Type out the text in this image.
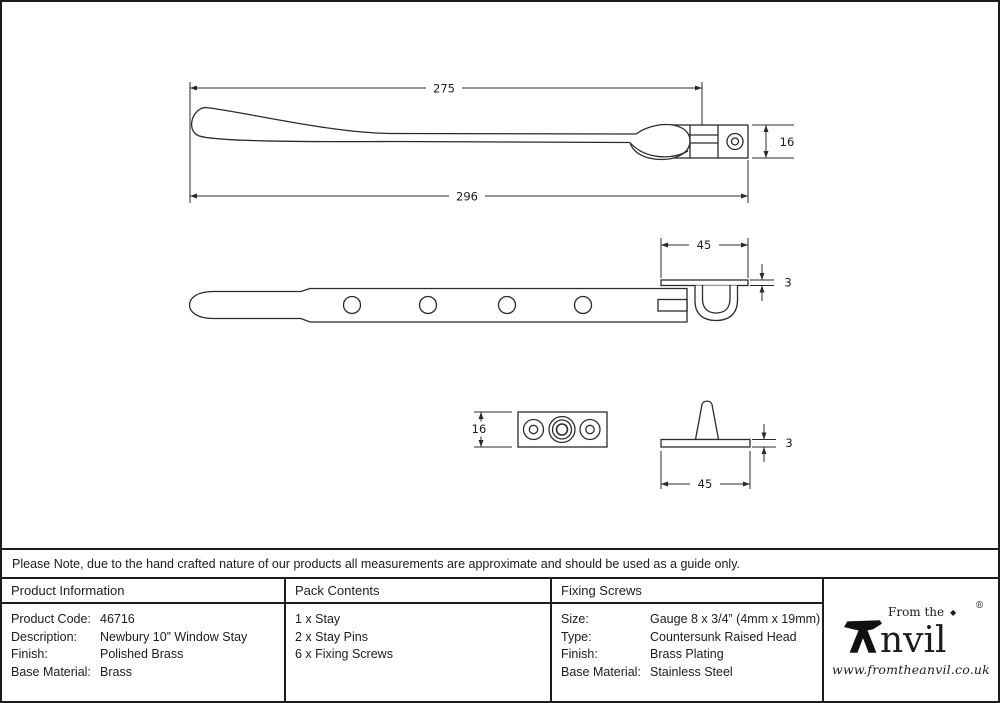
275
296
16
45
3
16
3
45
Please Note, due to the hand crafted nature of our products all measurements are approximate and should be used as a guide only.
Product Information
Product Code: 46716
Description:	Newbury 10” Window Stay
Finish:	Polished Brass
Base Material: Brass
Pack Contents
1 x Stay
2 x Stay Pins
6 x Fixing Screws
Fixing Screws
Size:	Gauge 8 x 3/4” (4mm x 19mm)
Type:	Countersunk Raised Head
Finish:	Brass Plating
Base Material: Stainless Steel
From the ◆
nvil
®
www.fromtheanvil.co.uk
